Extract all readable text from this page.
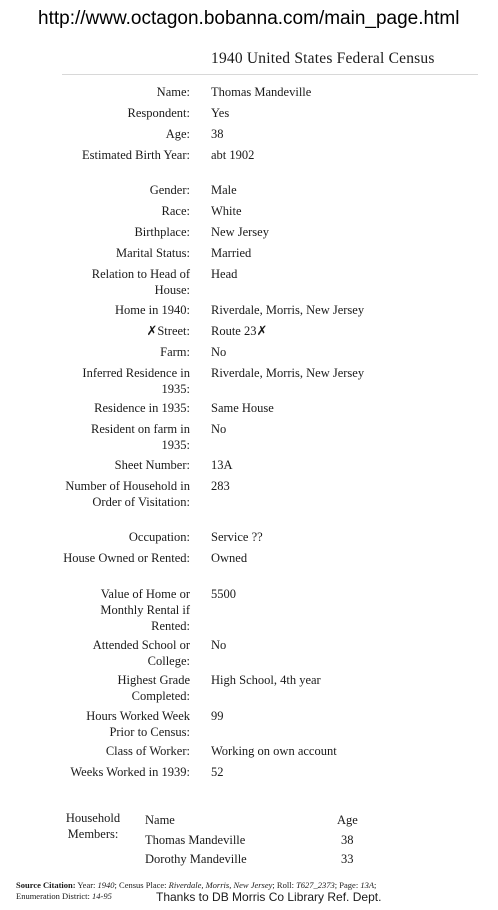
http://www.octagon.bobanna.com/main_page.html
1940 United States Federal Census
Name: Thomas Mandeville
Respondent: Yes
Age: 38
Estimated Birth Year: abt 1902
Gender: Male
Race: White
Birthplace: New Jersey
Marital Status: Married
Relation to Head of House:
Head
Home in 1940: Riverdale, Morris, New Jersey
✗Street: Route 23✗
Farm: No
Inferred Residence in 1935:
Riverdale, Morris, New Jersey
Residence in 1935: Same House
Resident on farm in 1935:
No
Sheet Number: 13A
Number of Household in Order of Visitation:
283
Occupation: Service ??
House Owned or Rented: Owned
Value of Home or Monthly Rental if Rented:
5500
Attended School or College:
No
Highest Grade Completed:
High School, 4th year
Hours Worked Week Prior to Census:
99
Class of Worker: Working on own account
Weeks Worked in 1939: 52
Household Members:
Name	Age
Thomas Mandeville	38
Dorothy Mandeville	33
Source Citation: Year: 1940; Census Place: Riverdale, Morris, New Jersey; Roll: T627_2373; Page: 13A;
Enumeration District: 14-95	Thanks to DB Morris Co Library Ref. Dept.
